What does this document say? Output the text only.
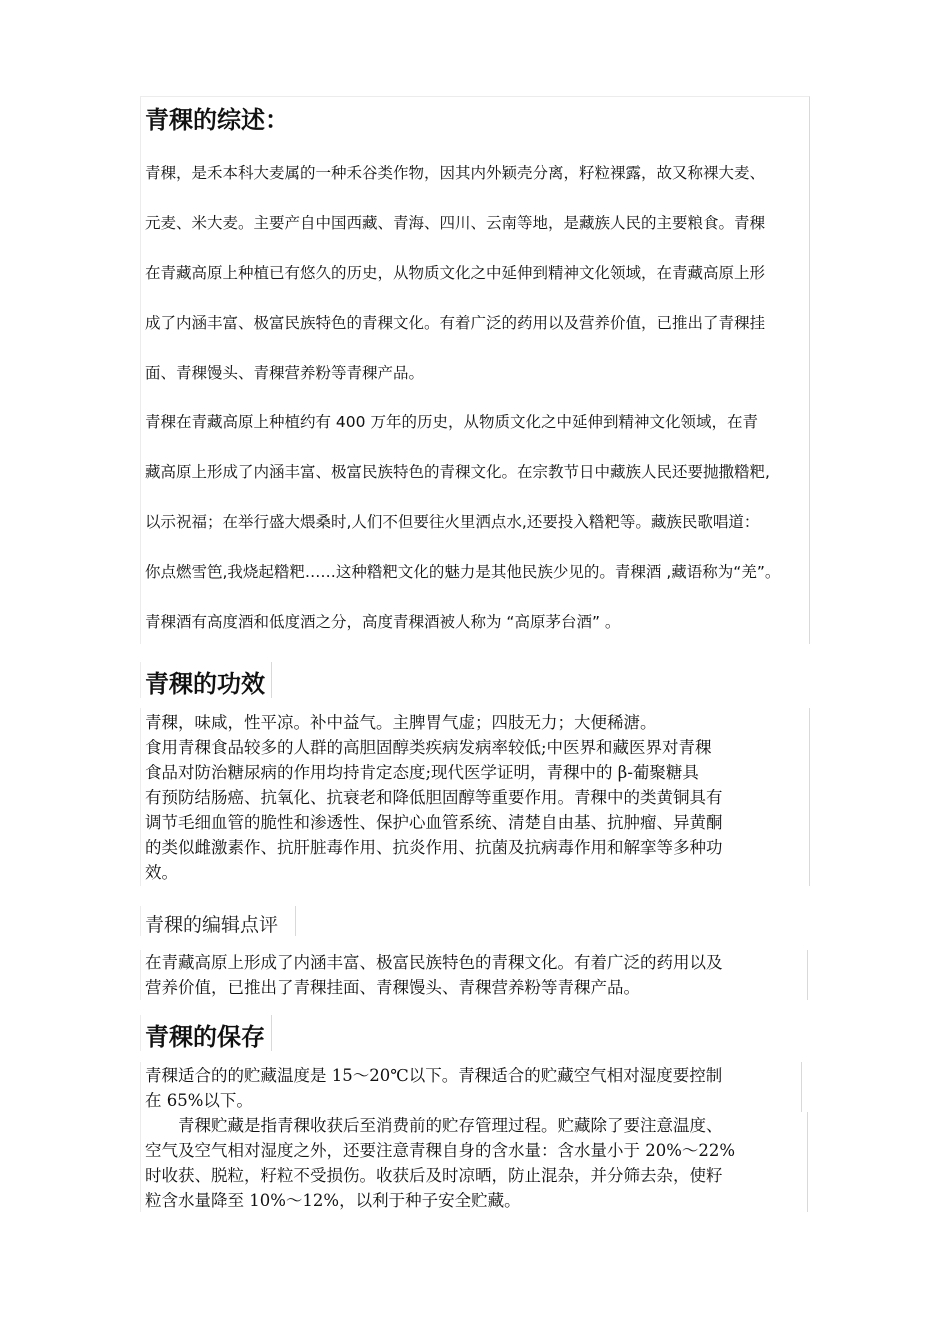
青稞的综述：
青稞，是禾本科大麦属的一种禾谷类作物，因其内外颖壳分离，籽粒裸露，故又称裸大麦、
元麦、米大麦。主要产自中国西藏、青海、四川、云南等地，是藏族人民的主要粮食。青稞
在青藏高原上种植已有悠久的历史，从物质文化之中延伸到精神文化领域，在青藏高原上形
成了内涵丰富、极富民族特色的青稞文化。有着广泛的药用以及营养价值，已推出了青稞挂
面、青稞馒头、青稞营养粉等青稞产品。
青稞在青藏高原上种植约有 400 万年的历史，从物质文化之中延伸到精神文化领域，在青
藏高原上形成了内涵丰富、极富民族特色的青稞文化。在宗教节日中藏族人民还要抛撒糌粑,
以示祝福；在举行盛大煨桑时,人们不但要往火里洒点水,还要投入糌粑等。藏族民歌唱道：
你点燃雪笆,我烧起糌粑……这种糌粑文化的魅力是其他民族少见的。青稞酒 ,藏语称为“羌”。
青稞酒有高度酒和低度酒之分，高度青稞酒被人称为 “高原茅台酒” 。
青稞的功效

青稞，味咸，性平凉。补中益气。主脾胃气虚；四肢无力；大便稀溏。

食用青稞食品较多的人群的高胆固醇类疾病发病率较低;中医界和藏医界对青稞

食品对防治糖尿病的作用均持肯定态度;现代医学证明，青稞中的 β-葡聚糖具

有预防结肠癌、抗氧化、抗衰老和降低胆固醇等重要作用。青稞中的类黄铜具有

调节毛细血管的脆性和渗透性、保护心血管系统、清楚自由基、抗肿瘤、异黄酮

的类似雌激素作、抗肝脏毒作用、抗炎作用、抗菌及抗病毒作用和解挛等多种功

效。

青稞的编辑点评

在青藏高原上形成了内涵丰富、极富民族特色的青稞文化。有着广泛的药用以及

营养价值，已推出了青稞挂面、青稞馒头、青稞营养粉等青稞产品。

青稞的保存

青稞适合的的贮藏温度是 15～20℃以下。青稞适合的贮藏空气相对湿度要控制

在 65%以下。

青稞贮藏是指青稞收获后至消费前的贮存管理过程。贮藏除了要注意温度、

空气及空气相对湿度之外，还要注意青稞自身的含水量：含水量小于 20%～22%

时收获、脱粒，籽粒不受损伤。收获后及时凉晒，防止混杂，并分筛去杂，使籽

粒含水量降至 10%～12%，以利于种子安全贮藏。
